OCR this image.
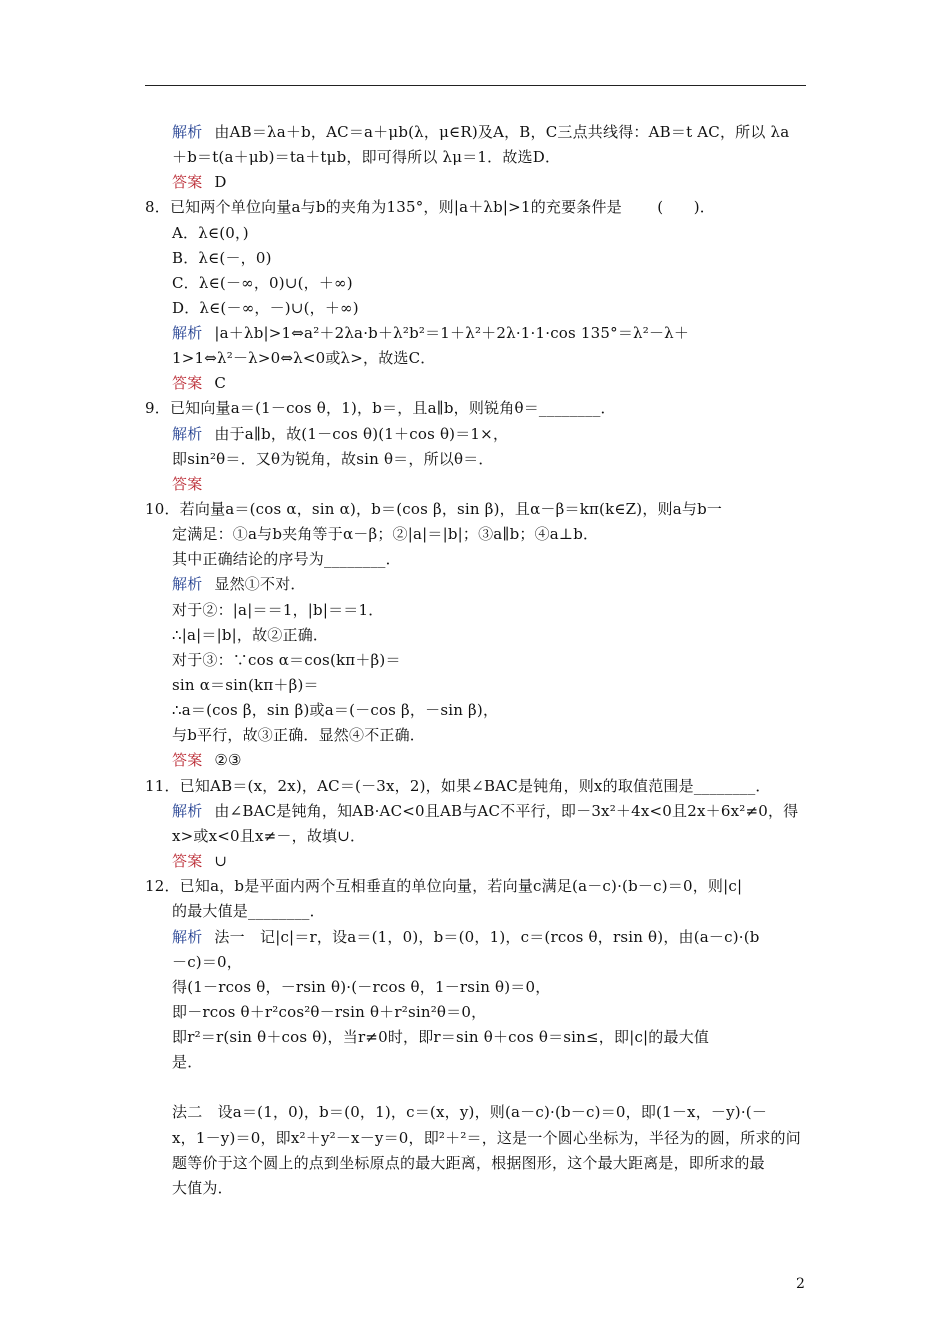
解析 由AB＝λa＋b，AC＝a＋μb(λ，μ∈R)及A，B，C三点共线得：AB＝t AC，所以 λa
＋b＝t(a＋μb)＝ta＋tμb，即可得所以 λμ＝1．故选D．
答案 D
8．已知两个单位向量a与b的夹角为135°，则|a＋λb|>1的充要条件是 　　(　　)．
A．λ∈(0，)
B．λ∈(－，0)
C．λ∈(－∞，0)∪(，＋∞)
D．λ∈(－∞，－)∪(，＋∞)
解析 |a＋λb|>1⇔a²＋2λa·b＋λ²b²＝1＋λ²＋2λ·1·1·cos 135°＝λ²－λ＋
1>1⇔λ²－λ>0⇔λ<0或λ>，故选C．
答案 C
9．已知向量a＝(1－cos θ，1)，b＝，且a∥b，则锐角θ＝________．
解析 由于a∥b，故(1－cos θ)(1＋cos θ)＝1×，
即sin²θ＝．又θ为锐角，故sin θ＝，所以θ＝．
答案
10．若向量a＝(cos α，sin α)，b＝(cos β，sin β)，且α－β＝kπ(k∈Z)，则a与b一
定满足：①a与b夹角等于α－β；②|a|＝|b|；③a∥b；④a⊥b．
其中正确结论的序号为________．
解析 显然①不对．
对于②：|a|＝＝1，|b|＝＝1．
∴|a|＝|b|，故②正确．
对于③：∵cos α＝cos(kπ＋β)＝
sin α＝sin(kπ＋β)＝
∴a＝(cos β，sin β)或a＝(－cos β，－sin β)，
与b平行，故③正确．显然④不正确．
答案 ②③
11．已知AB＝(x，2x)，AC＝(－3x，2)，如果∠BAC是钝角，则x的取值范围是________．
解析 由∠BAC是钝角，知AB·AC<0且AB与AC不平行，即－3x²＋4x<0且2x＋6x²≠0，得
x>或x<0且x≠－，故填∪．
答案 ∪
12．已知a，b是平面内两个互相垂直的单位向量，若向量c满足(a－c)·(b－c)＝0，则|c|
的最大值是________．
解析 法一　记|c|＝r，设a＝(1，0)，b＝(0，1)，c＝(rcos θ，rsin θ)，由(a－c)·(b
－c)＝0，
得(1－rcos θ，－rsin θ)·(－rcos θ，1－rsin θ)＝0，
即－rcos θ＋r²cos²θ－rsin θ＋r²sin²θ＝0，
即r²＝r(sin θ＋cos θ)，当r≠0时，即r＝sin θ＋cos θ＝sin≤，即|c|的最大值
是．
法二　设a＝(1，0)，b＝(0，1)，c＝(x，y)，则(a－c)·(b－c)＝0，即(1－x，－y)·(－
x，1－y)＝0，即x²＋y²－x－y＝0，即²＋²＝，这是一个圆心坐标为，半径为的圆，所求的问
题等价于这个圆上的点到坐标原点的最大距离，根据图形，这个最大距离是，即所求的最
大值为．
2
